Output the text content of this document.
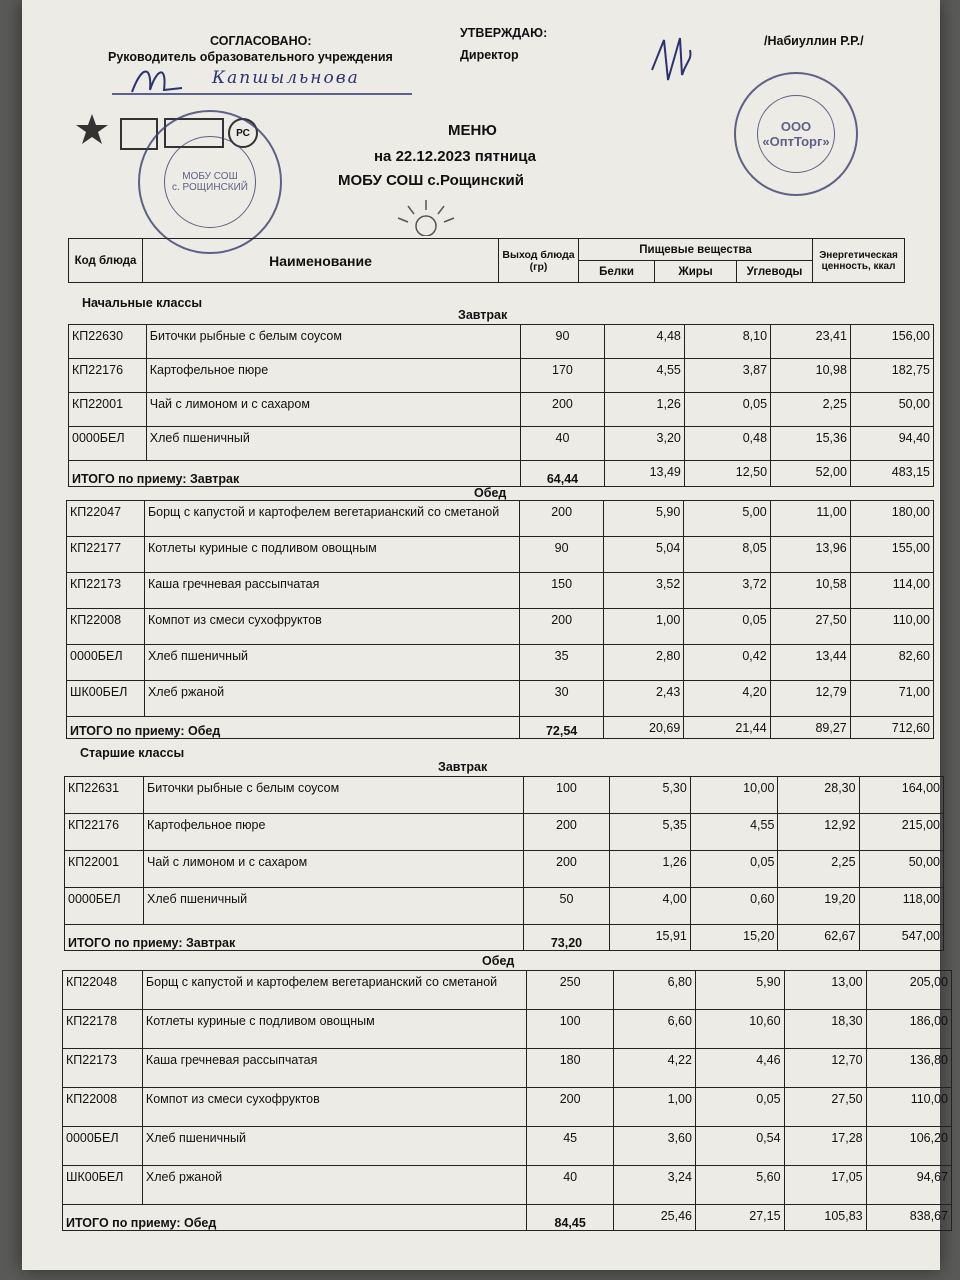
СОГЛАСОВАНО:
Руководитель образовательного учреждения
Капшыльнова
УТВЕРЖДАЮ:
Директор
/Набиуллин Р.Р./
РС
МОБУ СОШ
с. РОЩИНСКИЙ
ООО
«ОптТорг»
МЕНЮ
на 22.12.2023 пятница
МОБУ СОШ с.Рощинский
Код блюда	Наименование	Выход блюда (гр)	Пищевые вещества			Энергетическая ценность, ккал
			Белки	Жиры	Углеводы	
Начальные классы
Завтрак
КП22630	Биточки рыбные с белым соусом	90	4,48	8,10	23,41	156,00
КП22176	Картофельное пюре	170	4,55	3,87	10,98	182,75
КП22001	Чай с лимоном и с сахаром	200	1,26	0,05	2,25	50,00
0000БЕЛ	Хлеб пшеничный	40	3,20	0,48	15,36	94,40
ИТОГО по приему: Завтрак		64,44	13,49	12,50	52,00	483,15
Обед
КП22047	Борщ с капустой и картофелем вегетарианский со сметаной	200	5,90	5,00	11,00	180,00
КП22177	Котлеты куриные с подливом овощным	90	5,04	8,05	13,96	155,00
КП22173	Каша гречневая рассыпчатая	150	3,52	3,72	10,58	114,00
КП22008	Компот из смеси сухофруктов	200	1,00	0,05	27,50	110,00
0000БЕЛ	Хлеб пшеничный	35	2,80	0,42	13,44	82,60
ШК00БЕЛ	Хлеб ржаной	30	2,43	4,20	12,79	71,00
ИТОГО по приему: Обед		72,54	20,69	21,44	89,27	712,60
Старшие классы
Завтрак
КП22631	Биточки рыбные с белым соусом	100	5,30	10,00	28,30	164,00
КП22176	Картофельное пюре	200	5,35	4,55	12,92	215,00
КП22001	Чай с лимоном и с сахаром	200	1,26	0,05	2,25	50,00
0000БЕЛ	Хлеб пшеничный	50	4,00	0,60	19,20	118,00
ИТОГО по приему: Завтрак		73,20	15,91	15,20	62,67	547,00
Обед
КП22048	Борщ с капустой и картофелем вегетарианский со сметаной	250	6,80	5,90	13,00	205,00
КП22178	Котлеты куриные с подливом овощным	100	6,60	10,60	18,30	186,00
КП22173	Каша гречневая рассыпчатая	180	4,22	4,46	12,70	136,80
КП22008	Компот из смеси сухофруктов	200	1,00	0,05	27,50	110,00
0000БЕЛ	Хлеб пшеничный	45	3,60	0,54	17,28	106,20
ШК00БЕЛ	Хлеб ржаной	40	3,24	5,60	17,05	94,67
ИТОГО по приему: Обед		84,45	25,46	27,15	105,83	838,67
